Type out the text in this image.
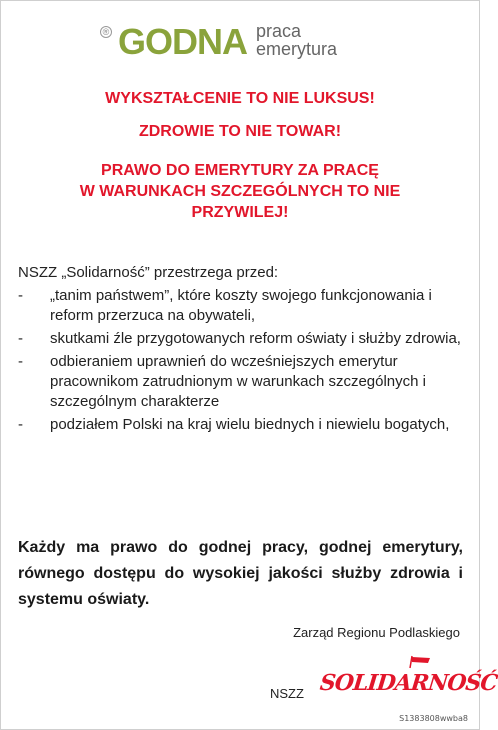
® GODNA praca
emerytura
WYKSZTAŁCENIE TO NIE LUKSUS!
ZDROWIE TO NIE TOWAR!
PRAWO DO EMERYTURY ZA PRACĘ
W WARUNKACH SZCZEGÓLNYCH TO NIE
PRZYWILEJ!

NSZZ „Solidarność” przestrzega przed:

- „tanim państwem”, które koszty swojego funkcjonowania i reform przerzuca na obywateli,
- skutkami źle przygotowanych reform oświaty i służby zdrowia,
- odbieraniem uprawnień do wcześniejszych emerytur pracownikom zatrudnionym w warunkach szczególnych i szczególnym charakterze
- podziałem Polski na kraj wielu biednych i niewielu bogatych,
Każdy ma prawo do godnej pracy, godnej emerytury, równego dostępu do wysokiej jakości służby zdrowia i systemu oświaty.
Zarząd Regionu Podlaskiego
NSZZ SOLIDARNOŚĆ
S1383808wwba8
